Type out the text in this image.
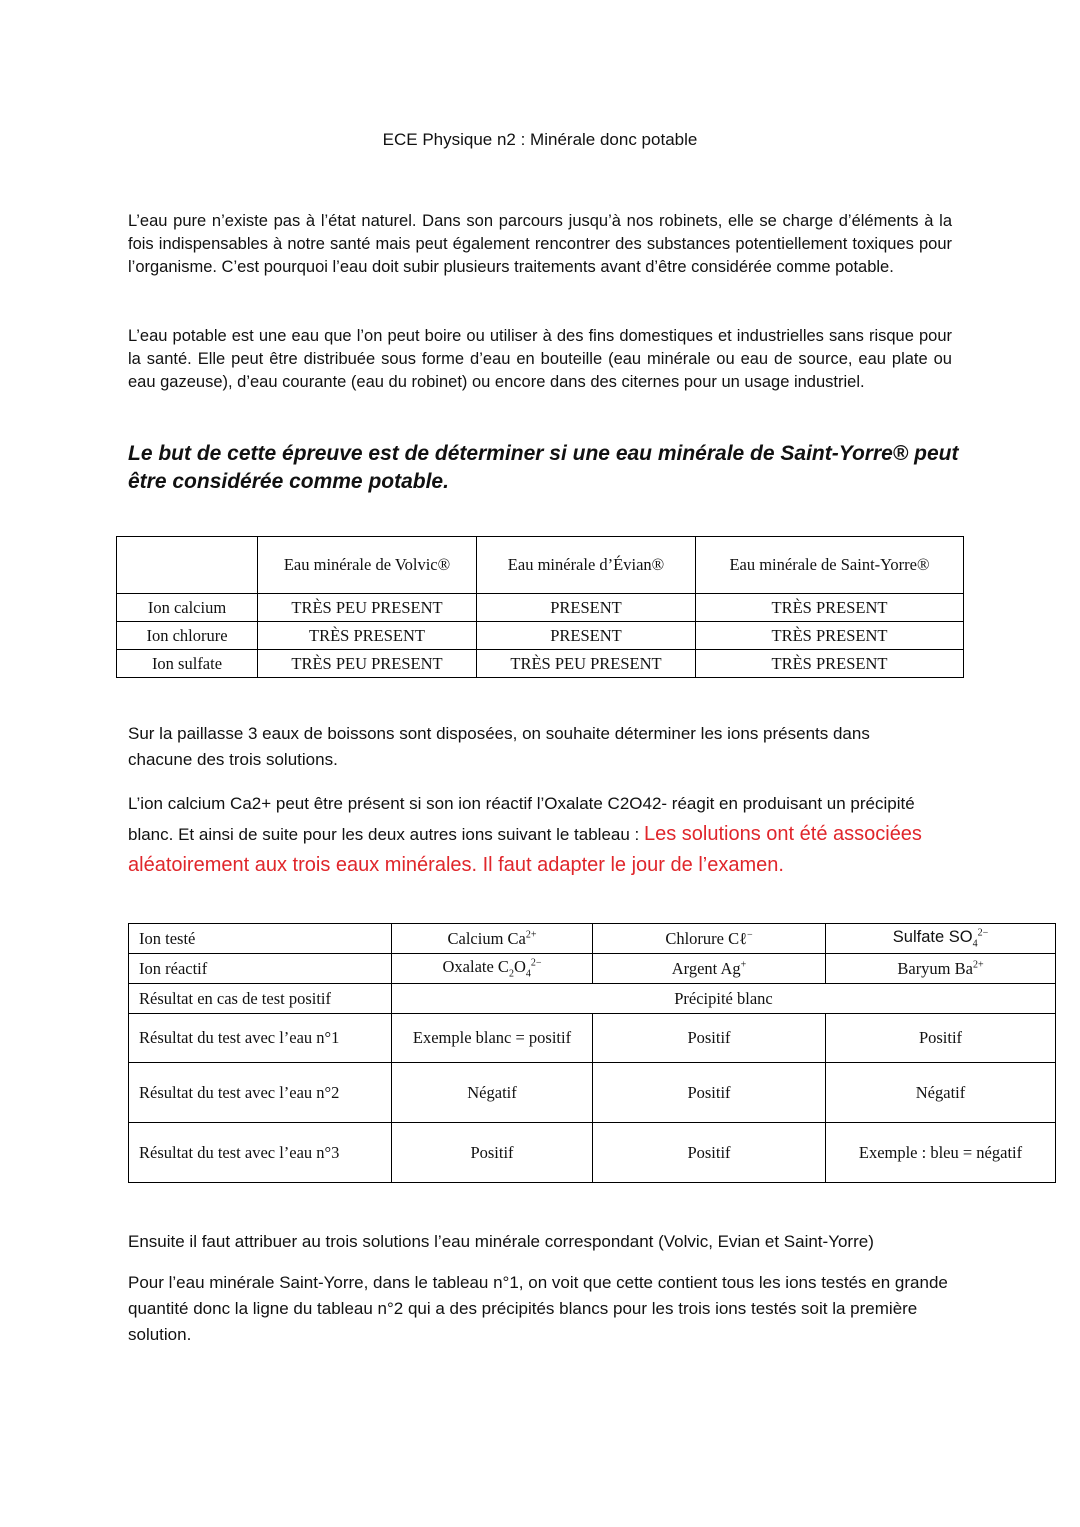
ECE Physique n2 : Minérale donc potable
L’eau pure n’existe pas à l’état naturel. Dans son parcours jusqu’à nos robinets, elle se charge d’éléments à la fois indispensables à notre santé mais peut également rencontrer des substances potentiellement toxiques pour l’organisme. C’est pourquoi l’eau doit subir plusieurs traitements avant d’être considérée comme potable.
L’eau potable est une eau que l’on peut boire ou utiliser à des fins domestiques et industrielles sans risque pour la santé. Elle peut être distribuée sous forme d’eau en bouteille (eau minérale ou eau de source, eau plate ou eau gazeuse), d’eau courante (eau du robinet) ou encore dans des citernes pour un usage industriel.
Le but de cette épreuve est de déterminer si une eau minérale de Saint-Yorre® peut être considérée comme potable.
	Eau minérale de Volvic®	Eau minérale d’Évian®	Eau minérale de Saint-Yorre®
Ion calcium	TRÈS PEU PRESENT	PRESENT	TRÈS PRESENT
Ion chlorure	TRÈS PRESENT	PRESENT	TRÈS PRESENT
Ion sulfate	TRÈS PEU PRESENT	TRÈS PEU PRESENT	TRÈS PRESENT
Sur la paillasse 3 eaux de boissons sont disposées, on souhaite déterminer les ions présents dans chacune des trois solutions.
L’ion calcium Ca2+ peut être présent si son ion réactif l’Oxalate C2O42- réagit en produisant un précipité blanc. Et ainsi de suite pour les deux autres ions suivant le tableau : Les solutions ont été associées aléatoirement aux trois eaux minérales. Il faut adapter le jour de l’examen.
Ion testé	Calcium $Ca^{2+}$	Chlorure Cℓ−	Sulfate $SO_4^{2-}$
Ion réactif	Oxalate $C_2O_4^{2-}$	Argent Ag+	Baryum $Ba^{2+}$
Résultat en cas de test positif	Précipité blanc		
Résultat du test avec l’eau n°1	Exemple blanc = positif	Positif	Positif
Résultat du test avec l’eau n°2	Négatif	Positif	Négatif
Résultat du test avec l’eau n°3	Positif	Positif	Exemple : bleu = négatif
Ensuite il faut attribuer au trois solutions l’eau minérale correspondant (Volvic, Evian et Saint-Yorre)
Pour l’eau minérale Saint-Yorre, dans le tableau n°1, on voit que cette contient tous les ions testés en grande quantité donc la ligne du tableau n°2 qui a des précipités blancs pour les trois ions testés soit la première solution.
